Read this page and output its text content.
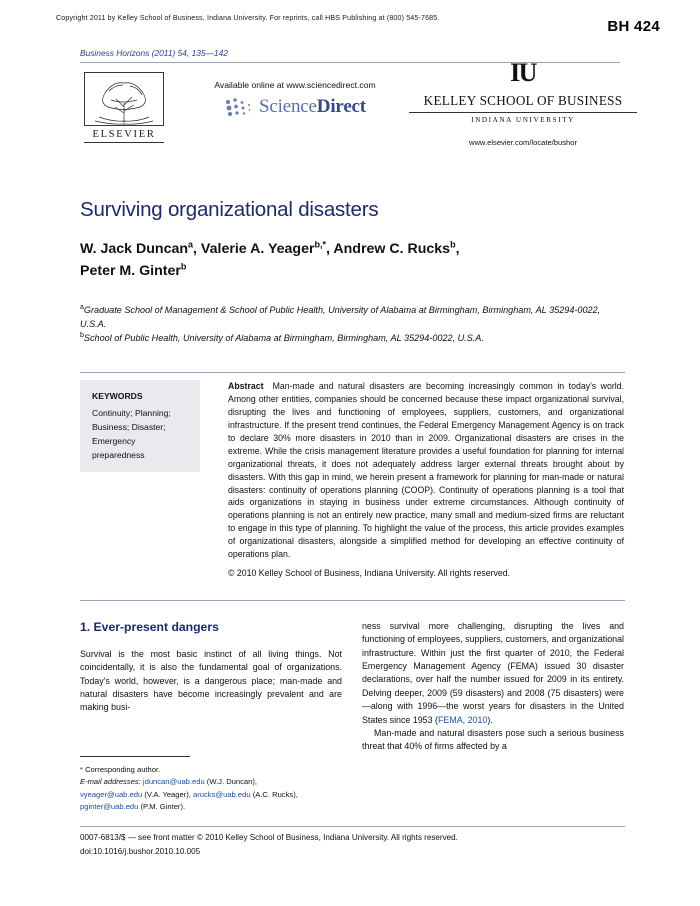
Copyright 2011 by Kelley School of Business, Indiana University. For reprints, call HBS Publishing at (800) 545-7685.	BH 424
Business Horizons (2011) 54, 135—142
ELSEVIER
Available online at www.sciencedirect.com
ScienceDirect
IU
KELLEY SCHOOL OF BUSINESS
INDIANA UNIVERSITY
www.elsevier.com/locate/bushor
Surviving organizational disasters
W. Jack Duncan$^a$, Valerie A. Yeager$^{b,*}$, Andrew C. Rucks$^b$,
Peter M. Ginter$^b$
$^a$Graduate School of Management & School of Public Health, University of Alabama at Birmingham, Birmingham, AL 35294-0022, U.S.A.
$^b$School of Public Health, University of Alabama at Birmingham, Birmingham, AL 35294-0022, U.S.A.
KEYWORDS
Continuity; Planning; Business; Disaster; Emergency preparedness
Abstract Man-made and natural disasters are becoming increasingly common in today's world. Among other entities, companies should be concerned because these impact organizational survival, disrupting the lives and functioning of employees, suppliers, customers, and organizational infrastructure. If the present trend continues, the Federal Emergency Management Agency is on track to declare 30% more disasters in 2010 than in 2009. Organizational disasters are crises in the extreme. While the crisis management literature provides a useful foundation for planning for internal organizational threats, it does not adequately address larger external threats brought about by disasters. With this gap in mind, we herein present a framework for planning for man-made or natural disasters: continuity of operations planning (COOP). Continuity of operations planning is a tool that aids organizations in staying in business under extreme circumstances. Although continuity of operations planning is not an entirely new practice, many small and medium-sized firms are reluctant to engage in this type of planning. To highlight the value of the process, this article provides examples of organizational disasters, alongside a simplified method for developing an effective continuity of operations plan.
© 2010 Kelley School of Business, Indiana University. All rights reserved.
1. Ever-present dangers
Survival is the most basic instinct of all living things. Not coincidentally, it is also the fundamental goal of organizations. Today's world, however, is a dangerous place; man-made and natural disasters have become increasingly prevalent and are making busi-

ness survival more challenging, disrupting the lives and functioning of employees, suppliers, customers, and organizational infrastructure. Within just the first quarter of 2010, the Federal Emergency Management Agency (FEMA) issued 30 disaster declarations, over half the number issued for 2009 in its entirety. Delving deeper, 2009 (59 disasters) and 2008 (75 disasters) were—along with 1996—the worst years for disasters in the United States since 1953 (FEMA, 2010).

Man-made and natural disasters pose such a serious business threat that 40% of firms affected by a

* Corresponding author.
E-mail addresses: jduncan@uab.edu (W.J. Duncan),
vyeager@uab.edu (V.A. Yeager), arucks@uab.edu (A.C. Rucks),
pginter@uab.edu (P.M. Ginter).
0007-6813/$ — see front matter © 2010 Kelley School of Business, Indiana University. All rights reserved.
doi:10.1016/j.bushor.2010.10.005
